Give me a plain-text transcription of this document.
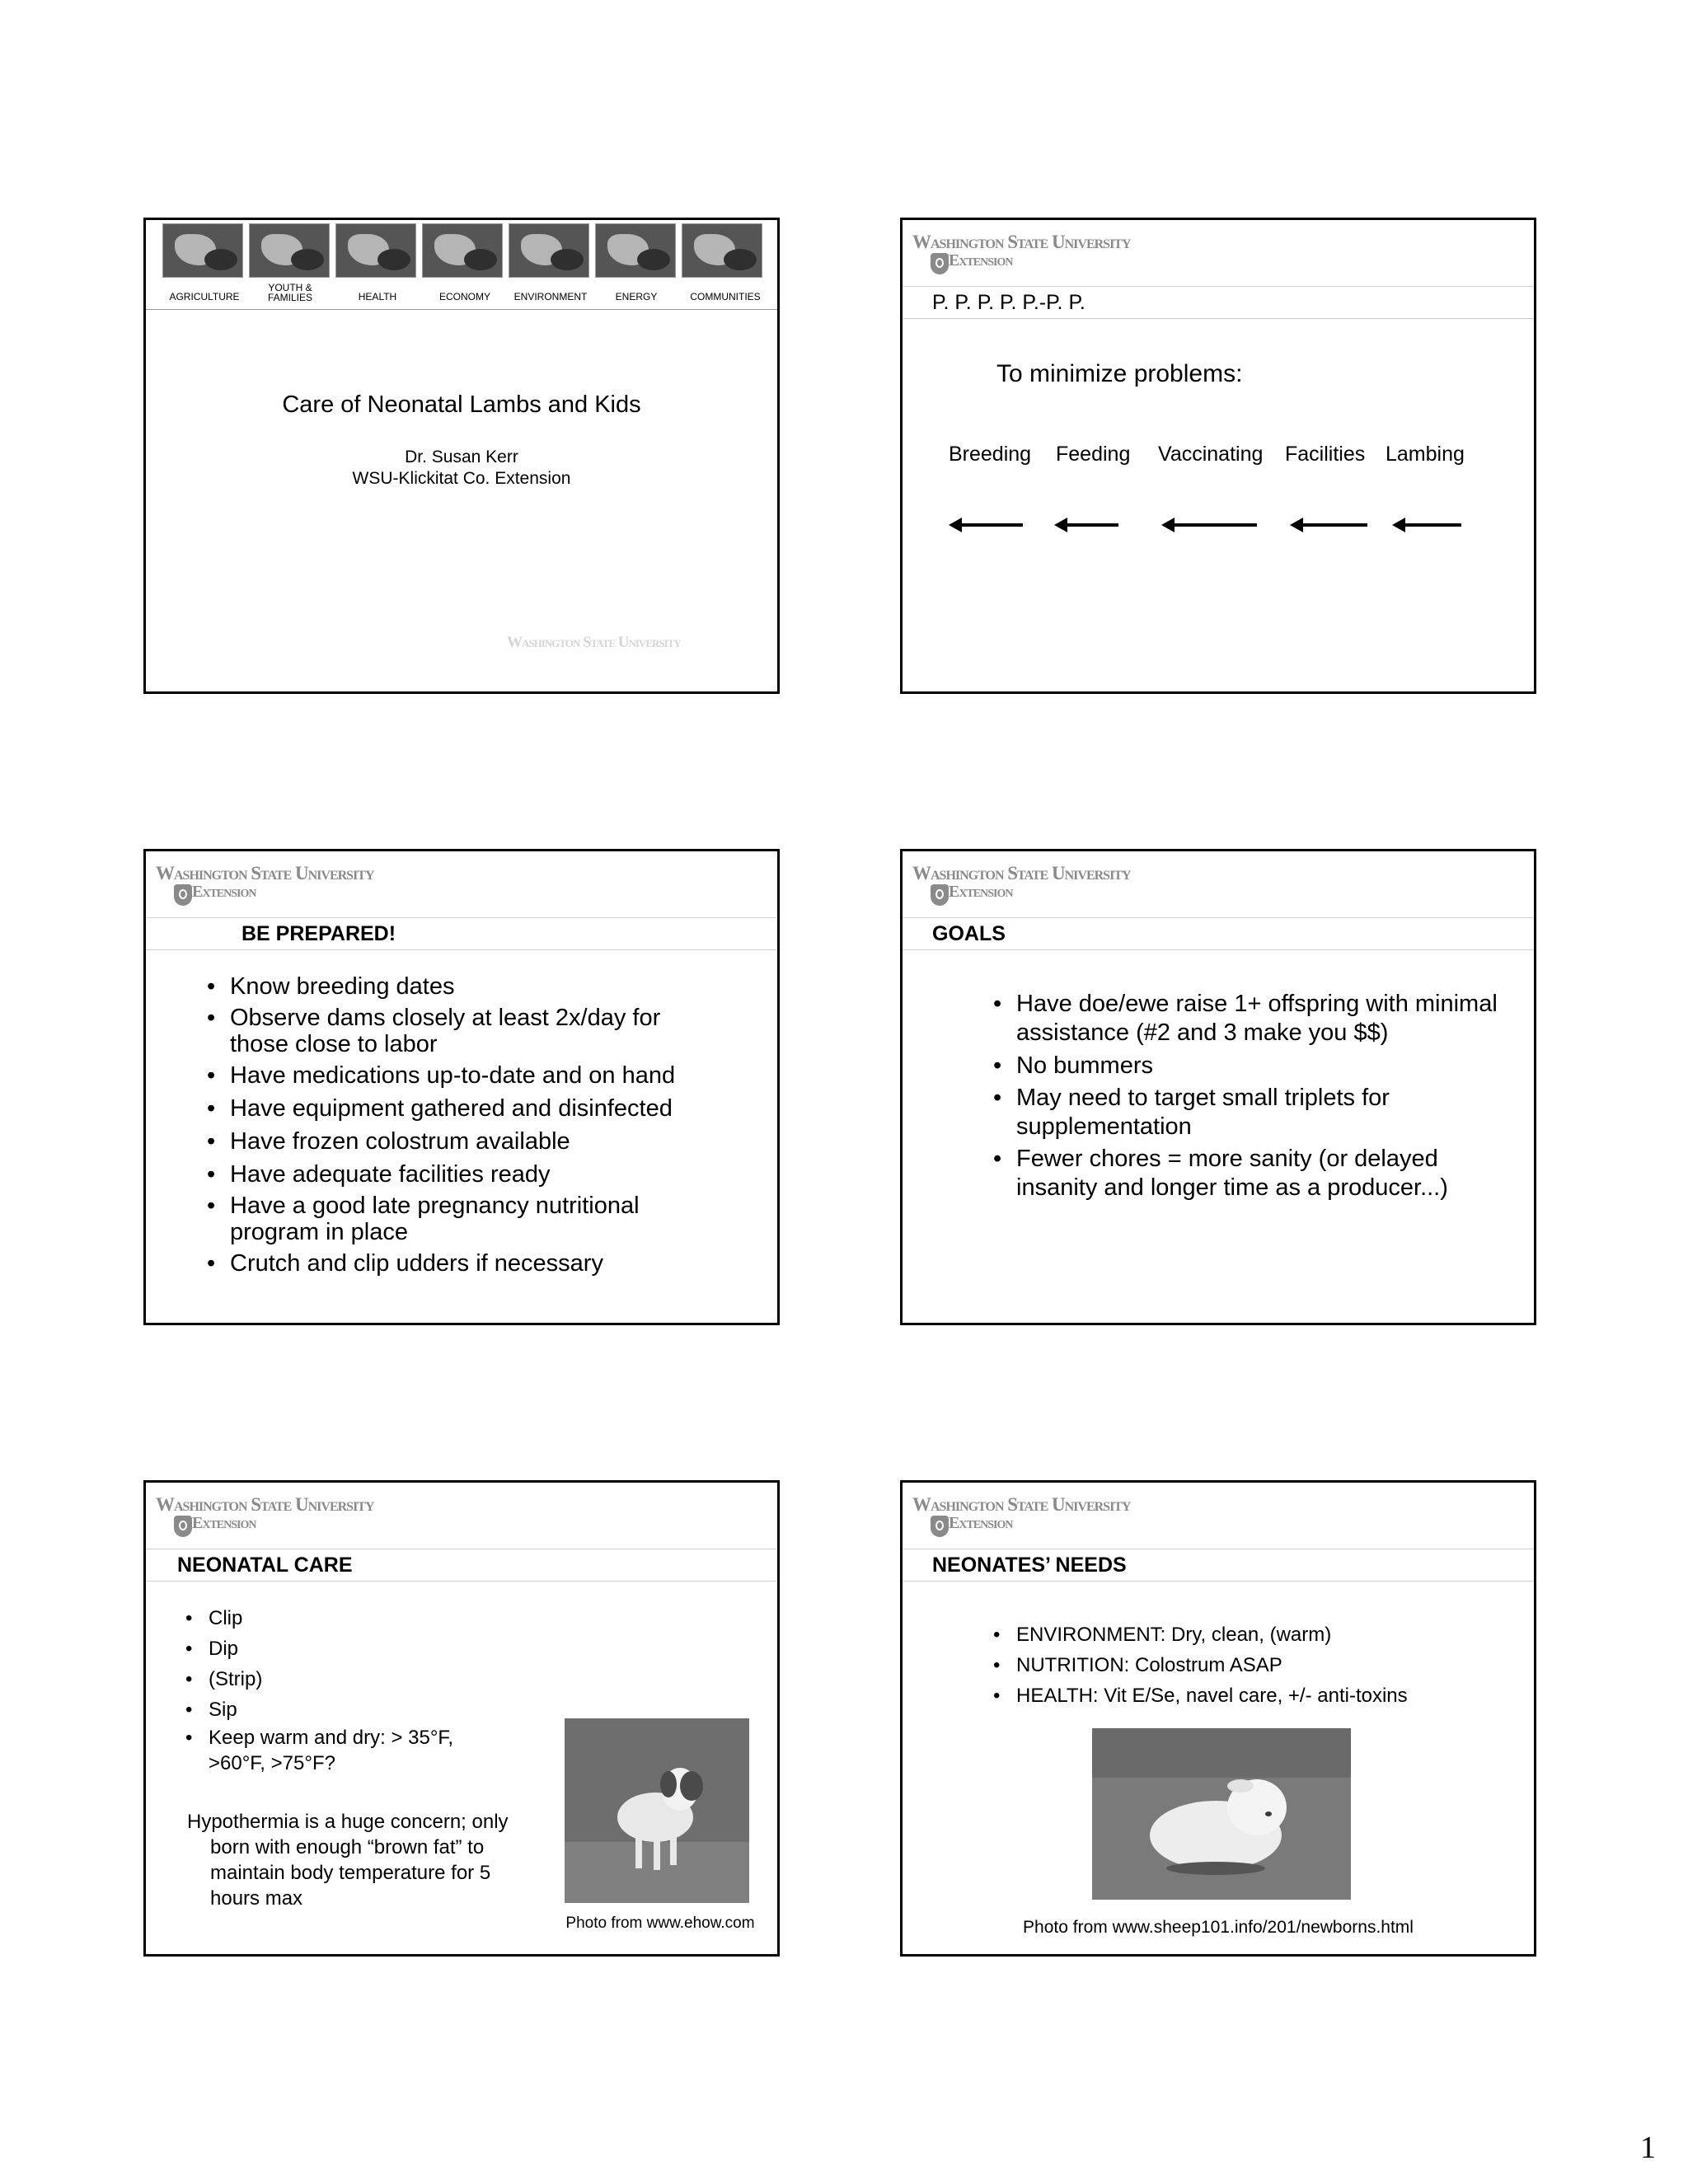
AGRICULTURE
YOUTH &
FAMILIES	HEALTH	ECONOMY	ENVIRONMENT	ENERGY	COMMUNITIES
Care of Neonatal Lambs and Kids
Dr. Susan Kerr
WSU-Klickitat Co. Extension
Washington State University
Washington State University
Extension
P. P. P. P. P.-P. P.
To minimize problems:
Breeding Feeding Vaccinating Facilities Lambing
Washington State University
Extension
BE PREPARED!
• Know breeding dates
• Observe dams closely at least 2x/day for those close to labor
• Have medications up-to-date and on hand
• Have equipment gathered and disinfected
• Have frozen colostrum available
• Have adequate facilities ready
• Have a good late pregnancy nutritional program in place
• Crutch and clip udders if necessary
Washington State University
Extension
GOALS
• Have doe/ewe raise 1+ offspring with minimal assistance (#2 and 3 make you $$)
• No bummers
• May need to target small triplets for supplementation
• Fewer chores = more sanity (or delayed insanity and longer time as a producer...)
Washington State University
Extension
NEONATAL CARE
• Clip
• Dip
• (Strip)
• Sip
• Keep warm and dry: > 35°F, >60°F, >75°F?
Hypothermia is a huge concern; only born with enough “brown fat” to maintain body temperature for 5 hours max
Photo from www.ehow.com
Washington State University
Extension
NEONATES’ NEEDS
• ENVIRONMENT: Dry, clean, (warm)
• NUTRITION: Colostrum ASAP
• HEALTH: Vit E/Se, navel care, +/- anti-toxins
Photo from www.sheep101.info/201/newborns.html
1
